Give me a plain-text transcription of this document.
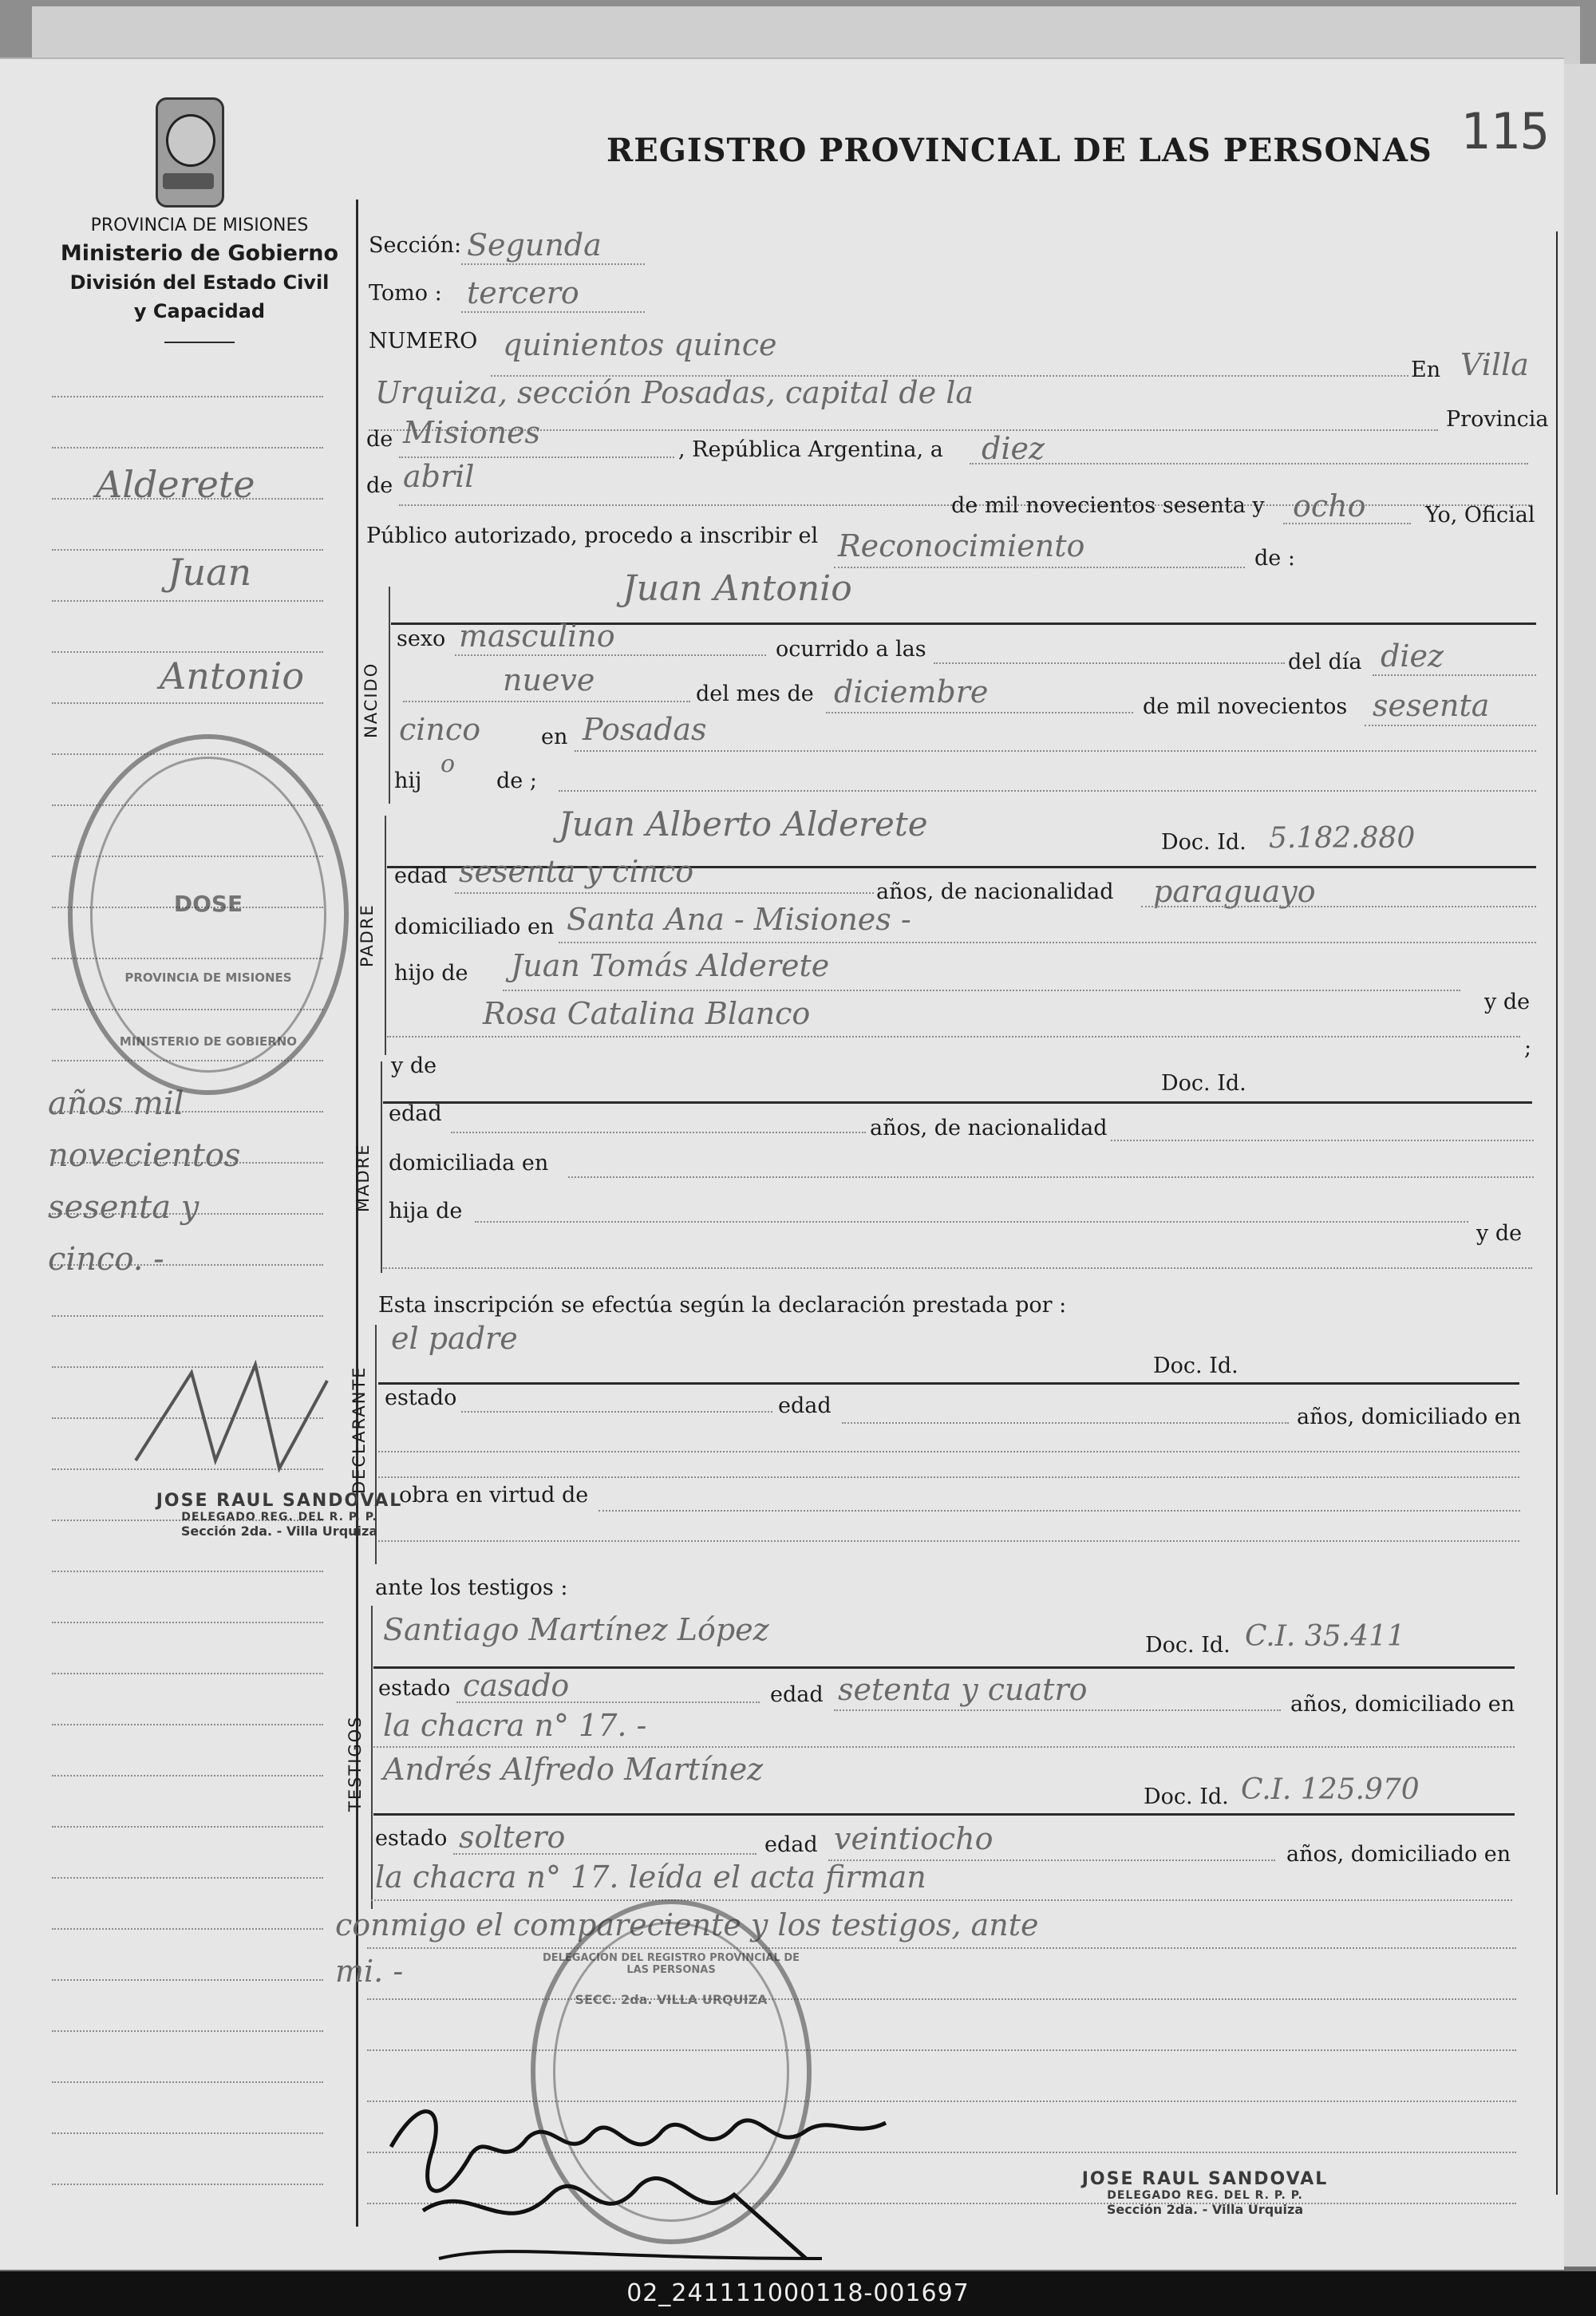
115
REGISTRO PROVINCIAL DE LAS PERSONAS
PROVINCIA DE MISIONES
Ministerio de Gobierno
División del Estado Civil
y Capacidad
Alderete
Juan
Antonio
años mil
novecientos
sesenta y
cinco. -
Sección: Segunda
Tomo : tercero
NUMERO quinientos quince
En Villa
Urquiza, sección Posadas, capital de la
Provincia
de Misiones	, República Argentina, a diez
de abril
de mil novecientos sesenta y ocho	Yo, Oficial
Público autorizado, procedo a inscribir el Reconocimiento	de :
NACIDO
Juan Antonio
sexo masculino	ocurrido a las
del día diez
nueve	del mes de diciembre	de mil novecientos sesenta
cinco	en Posadas
hij
o
de ;
PADRE
Juan Alberto Alderete	Doc. Id. 5.182.880
edad sesenta y cinco
años, de nacionalidad paraguayo
domiciliado en Santa Ana - Misiones -
hijo de Juan Tomás Alderete
y de
Rosa Catalina Blanco
;
MADRE
y de
Doc. Id.
edad
años, de nacionalidad
domiciliada en
hija de
y de
Esta inscripción se efectúa según la declaración prestada por :
DECLARANTE
el padre
Doc. Id.
estado	edad	años, domiciliado en
obra en virtud de
ante los testigos :
TESTIGOS
Santiago Martínez López	Doc. Id. C.I. 35.411
estado casado	edad setenta y cuatro	años, domiciliado en
la chacra n° 17. -
Andrés Alfredo Martínez
Doc. Id. C.I. 125.970
estado soltero	edad veintiocho	años, domiciliado en
la chacra n° 17. leída el acta firman
conmigo el compareciente y los testigos, ante
mi. -
DOSE
PROVINCIA DE MISIONES
MINISTERIO DE GOBIERNO
DELEGACION DEL REGISTRO PROVINCIAL DE LAS PERSONAS
SECC. 2da. VILLA URQUIZA
JOSE RAUL SANDOVAL
DELEGADO REG. DEL R. P. P.
Sección 2da. - Villa Urquiza
JOSE RAUL SANDOVAL
DELEGADO REG. DEL R. P. P.
Sección 2da. - Villa Urquiza
02_241111000118-001697
